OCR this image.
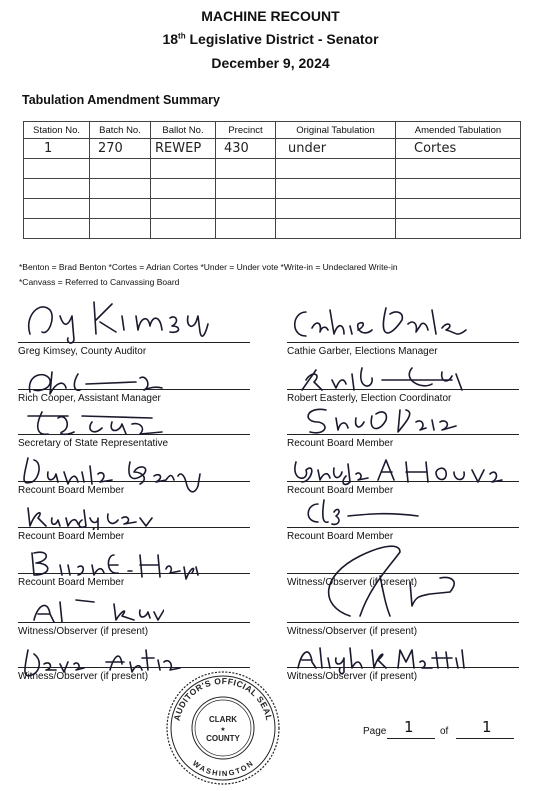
MACHINE RECOUNT
18th Legislative District - Senator
December 9, 2024
Tabulation Amendment Summary
Station No.	Batch No.	Ballot No.	Precinct	Original Tabulation	Amended Tabulation
1	270	REWEP	430	under	Cortes

*Benton = Brad Benton *Cortes = Adrian Cortes *Under = Under vote *Write-in = Undeclared Write-in
*Canvass = Referred to Canvassing Board
Greg Kimsey, County Auditor	Cathie Garber, Elections Manager
Rich Cooper, Assistant Manager	Robert Easterly, Election Coordinator
Secretary of State Representative	Recount Board Member
Recount Board Member	Recount Board Member
Recount Board Member	Recount Board Member
Recount Board Member	Witness/Observer (if present)
Witness/Observer (if present)	Witness/Observer (if present)
Witness/Observer (if present)	Witness/Observer (if present)
AUDITOR'S OFFICIAL SEAL
WASHINGTON
CLARK
★
COUNTY
Page 1	of 1
